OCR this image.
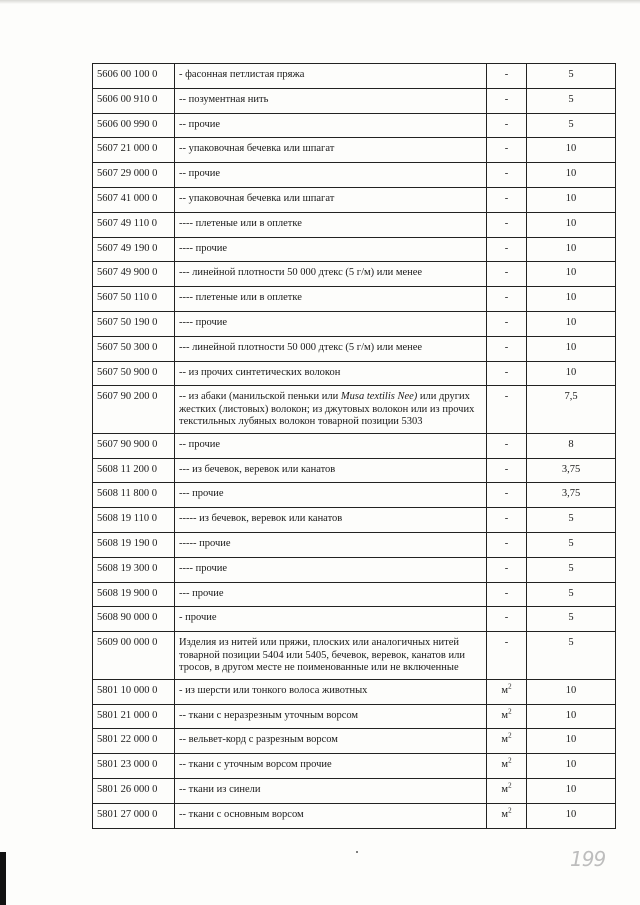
5606 00 100 0	- фасонная петлистая пряжа	-	5
5606 00 910 0	-- позументная нить	-	5
5606 00 990 0	-- прочие	-	5
5607 21 000 0	-- упаковочная бечевка или шпагат	-	10
5607 29 000 0	-- прочие	-	10
5607 41 000 0	-- упаковочная бечевка или шпагат	-	10
5607 49 110 0	---- плетеные или в оплетке	-	10
5607 49 190 0	---- прочие	-	10
5607 49 900 0	--- линейной плотности 50 000 дтекс (5 г/м) или менее	-	10
5607 50 110 0	---- плетеные или в оплетке	-	10
5607 50 190 0	---- прочие	-	10
5607 50 300 0	--- линейной плотности 50 000 дтекс (5 г/м) или менее	-	10
5607 50 900 0	-- из прочих синтетических волокон	-	10
5607 90 200 0	-- из абаки (манильской пеньки или Musa textilis Nee) или других жестких (листовых) волокон; из джутовых волокон или из прочих текстильных лубяных волокон товарной позиции 5303	-	7,5
5607 90 900 0	-- прочие	-	8
5608 11 200 0	--- из бечевок, веревок или канатов	-	3,75
5608 11 800 0	--- прочие	-	3,75
5608 19 110 0	----- из бечевок, веревок или канатов	-	5
5608 19 190 0	----- прочие	-	5
5608 19 300 0	---- прочие	-	5
5608 19 900 0	--- прочие	-	5
5608 90 000 0	- прочие	-	5
5609 00 000 0	Изделия из нитей или пряжи, плоских или аналогичных нитей товарной позиции 5404 или 5405, бечевок, веревок, канатов или тросов, в другом месте не поименованные или не включенные	-	5
5801 10 000 0	- из шерсти или тонкого волоса животных	$м^2$	10
5801 21 000 0	-- ткани с неразрезным уточным ворсом	$м^2$	10
5801 22 000 0	-- вельвет-корд с разрезным ворсом	$м^2$	10
5801 23 000 0	-- ткани с уточным ворсом прочие	$м^2$	10
5801 26 000 0	-- ткани из синели	$м^2$	10
5801 27 000 0	-- ткани с основным ворсом	$м^2$	10
199
